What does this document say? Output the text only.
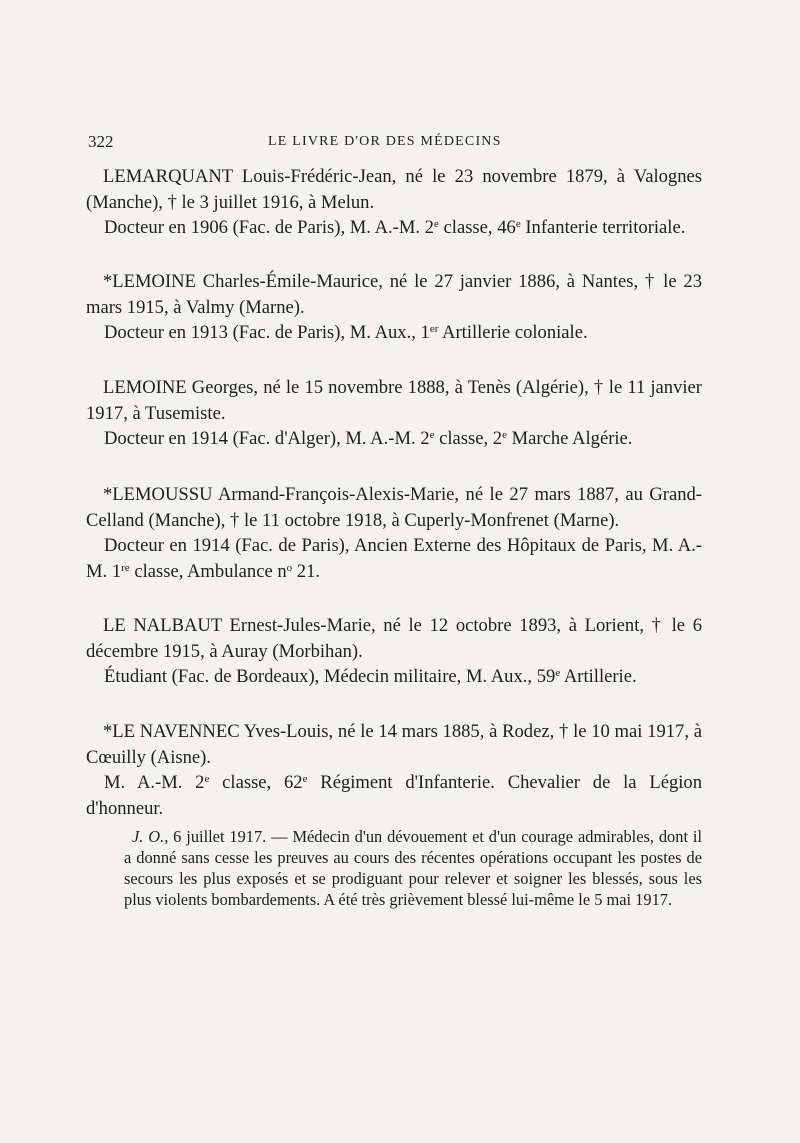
322	LE LIVRE D'OR DES MÉDECINS

LEMARQUANT Louis-Frédéric-Jean, né le 23 novembre 1879, à Valognes (Manche), † le 3 juillet 1916, à Melun.

Docteur en 1906 (Fac. de Paris), M. A.-M. 2e classe, 46e Infanterie territoriale.

*LEMOINE Charles-Émile-Maurice, né le 27 janvier 1886, à Nantes, † le 23 mars 1915, à Valmy (Marne).

Docteur en 1913 (Fac. de Paris), M. Aux., 1er Artillerie coloniale.

LEMOINE Georges, né le 15 novembre 1888, à Tenès (Algérie), † le 11 janvier 1917, à Tusemiste.

Docteur en 1914 (Fac. d'Alger), M. A.-M. 2e classe, 2e Marche Algérie.

*LEMOUSSU Armand-François-Alexis-Marie, né le 27 mars 1887, au Grand-Celland (Manche), † le 11 octobre 1918, à Cuperly-Monfrenet (Marne).

Docteur en 1914 (Fac. de Paris), Ancien Externe des Hôpitaux de Paris, M. A.-M. 1re classe, Ambulance $n^o$ 21.

LE NALBAUT Ernest-Jules-Marie, né le 12 octobre 1893, à Lorient, † le 6 décembre 1915, à Auray (Morbihan).

Étudiant (Fac. de Bordeaux), Médecin militaire, M. Aux., 59e Artillerie.

*LE NAVENNEC Yves-Louis, né le 14 mars 1885, à Rodez, † le 10 mai 1917, à Cœuilly (Aisne).

M. A.-M. 2e classe, 62e Régiment d'Infanterie. Chevalier de la Légion d'honneur.

J. O., 6 juillet 1917. — Médecin d'un dévouement et d'un courage admirables, dont il a donné sans cesse les preuves au cours des récentes opérations occupant les postes de secours les plus exposés et se prodiguant pour relever et soigner les blessés, sous les plus violents bombardements. A été très grièvement blessé lui-même le 5 mai 1917.
